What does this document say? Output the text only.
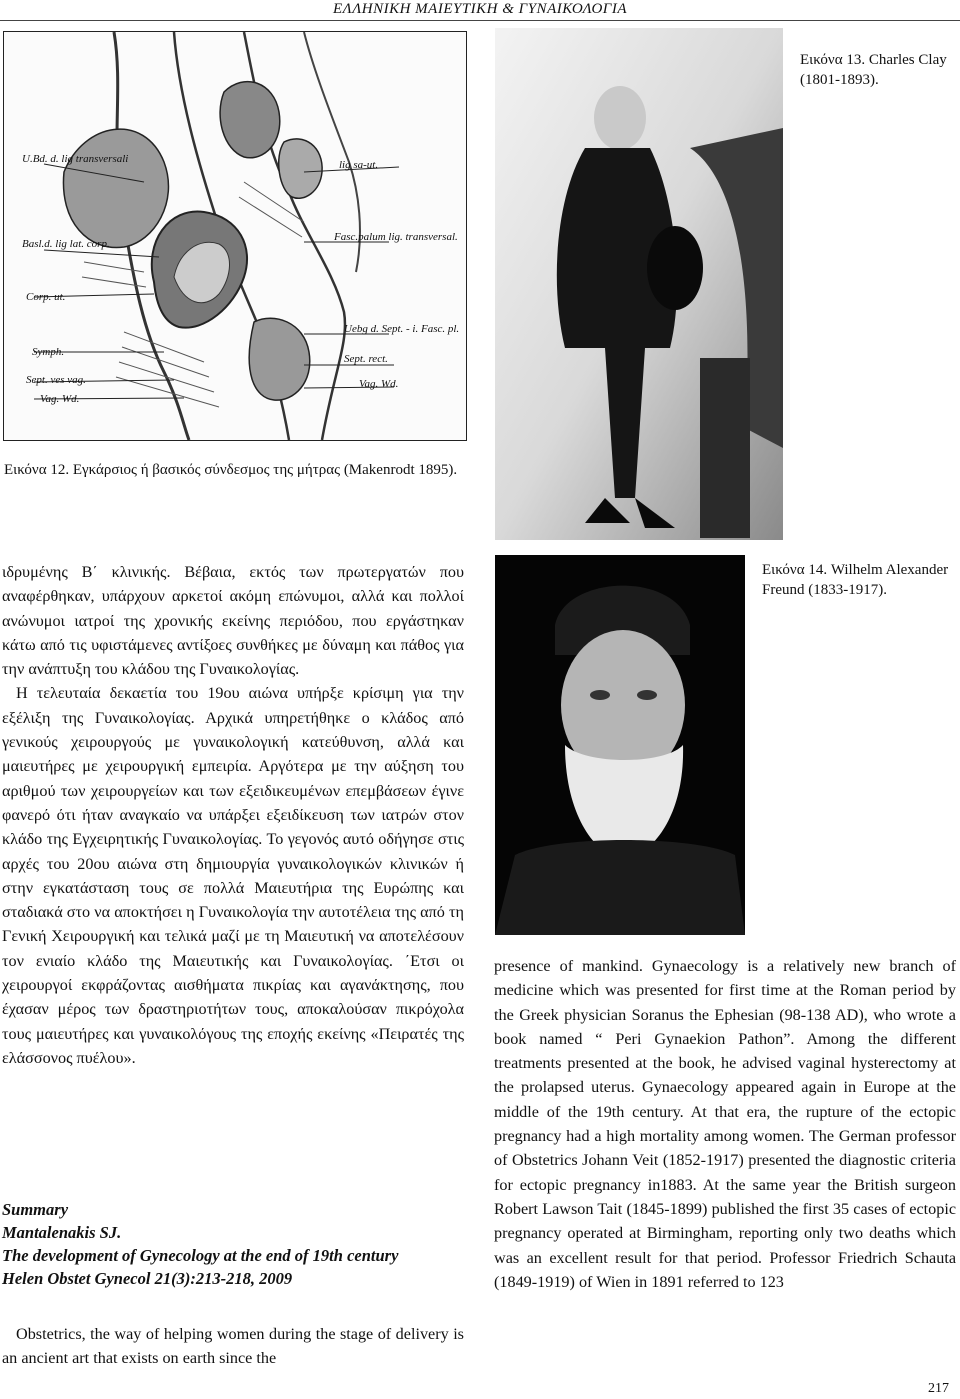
ΕΛΛΗΝΙΚΗ ΜΑΙΕΥΤΙΚΗ & ΓΥΝΑΙΚΟΛΟΓΙΑ
lig sa-ut.
U.Bd. d. lig transversali
Basl.d. lig lat. corp.
Fasc.palum lig. transversal.
Corp. ut.
Uebg d. Sept. - i. Fasc. pl.
Symph.
Sept. rect.
Sept. ves vag.	Vag. Wd.
Vag. Wd.
Εικόνα 12. Εγκάρσιος ή βασικός σύνδεσμος της μήτρας (Makenrodt 1895).
Εικόνα 13. Charles Clay (1801-1893).
Εικόνα 14. Wilhelm Alexander Freund (1833-1917).

ιδρυμένης Β΄ κλινικής. Βέβαια, εκτός των πρωτεργατών που αναφέρθηκαν, υπάρχουν αρκετοί ακόμη επώνυμοι, αλλά και πολλοί ανώνυμοι ιατροί της χρονικής εκείνης περιόδου, που εργάστηκαν κάτω από τις υφιστάμενες αντίξοες συνθήκες με δύναμη και πάθος για την ανάπτυξη του κλάδου της Γυναικολογίας.

Η τελευταία δεκαετία του 19ου αιώνα υπήρξε κρίσιμη για την εξέλιξη της Γυναικολογίας. Αρχικά υπηρετήθηκε ο κλάδος από γενικούς χειρουργούς με γυναικολογική κατεύθυνση, αλλά και μαιευτήρες με χειρουργική εμπειρία. Αργότερα με την αύξηση του αριθμού των χειρουργείων και των εξειδικευμένων επεμβάσεων έγινε φανερό ότι ήταν αναγκαίο να υπάρξει εξειδίκευση των ιατρών στον κλάδο της Εγχειρητικής Γυναικολογίας. Το γεγονός αυτό οδήγησε στις αρχές του 20ου αιώνα στη δημιουργία γυναικολογικών κλινικών ή στην εγκατάσταση τους σε πολλά Μαιευτήρια της Ευρώπης και σταδιακά στο να αποκτήσει η Γυναικολογία την αυτοτέλεια της από τη Γενική Χειρουργική και τελικά μαζί με τη Μαιευτική να αποτελέσουν τον ενιαίο κλάδο της Μαιευτικής και Γυναικολογίας. ΄Ετσι οι χειρουργοί εκφράζοντας αισθήματα πικρίας και αγανάκτησης, που έχασαν μέρος των δραστηριοτήτων τους, αποκαλούσαν πικρόχολα τους μαιευτήρες και γυναικολόγους της εποχής εκείνης «Πειρατές της ελάσσονος πυέλου».

Summary
Mantalenakis SJ.
The development of Gynecology at the end of 19th century
Helen Obstet Gynecol 21(3):213-218, 2009

Obstetrics, the way of helping women during the stage of delivery is an ancient art that exists on earth since the

presence of mankind. Gynaecology is a relatively new branch of medicine which was presented for first time at the Roman period by the Greek physician Soranus the Ephesian (98-138 AD), who wrote a book named “ Peri Gynaekion Pathon”. Among the different treatments presented at the book, he advised vaginal hysterectomy at the prolapsed uterus. Gynaecology appeared again in Europe at the middle of the 19th century. At that era, the rupture of the ectopic pregnancy had a high mortality among women. The German professor of Obstetrics Johann Veit (1852-1917) presented the diagnostic criteria for ectopic pregnancy in1883. At the same year the British surgeon Robert Lawson Tait (1845-1899) published the first 35 cases of ectopic pregnancy operated at Birmingham, reporting only two deaths which was an excellent result for that period. Professor Friedrich Schauta (1849-1919) of Wien in 1891 referred to 123

217
